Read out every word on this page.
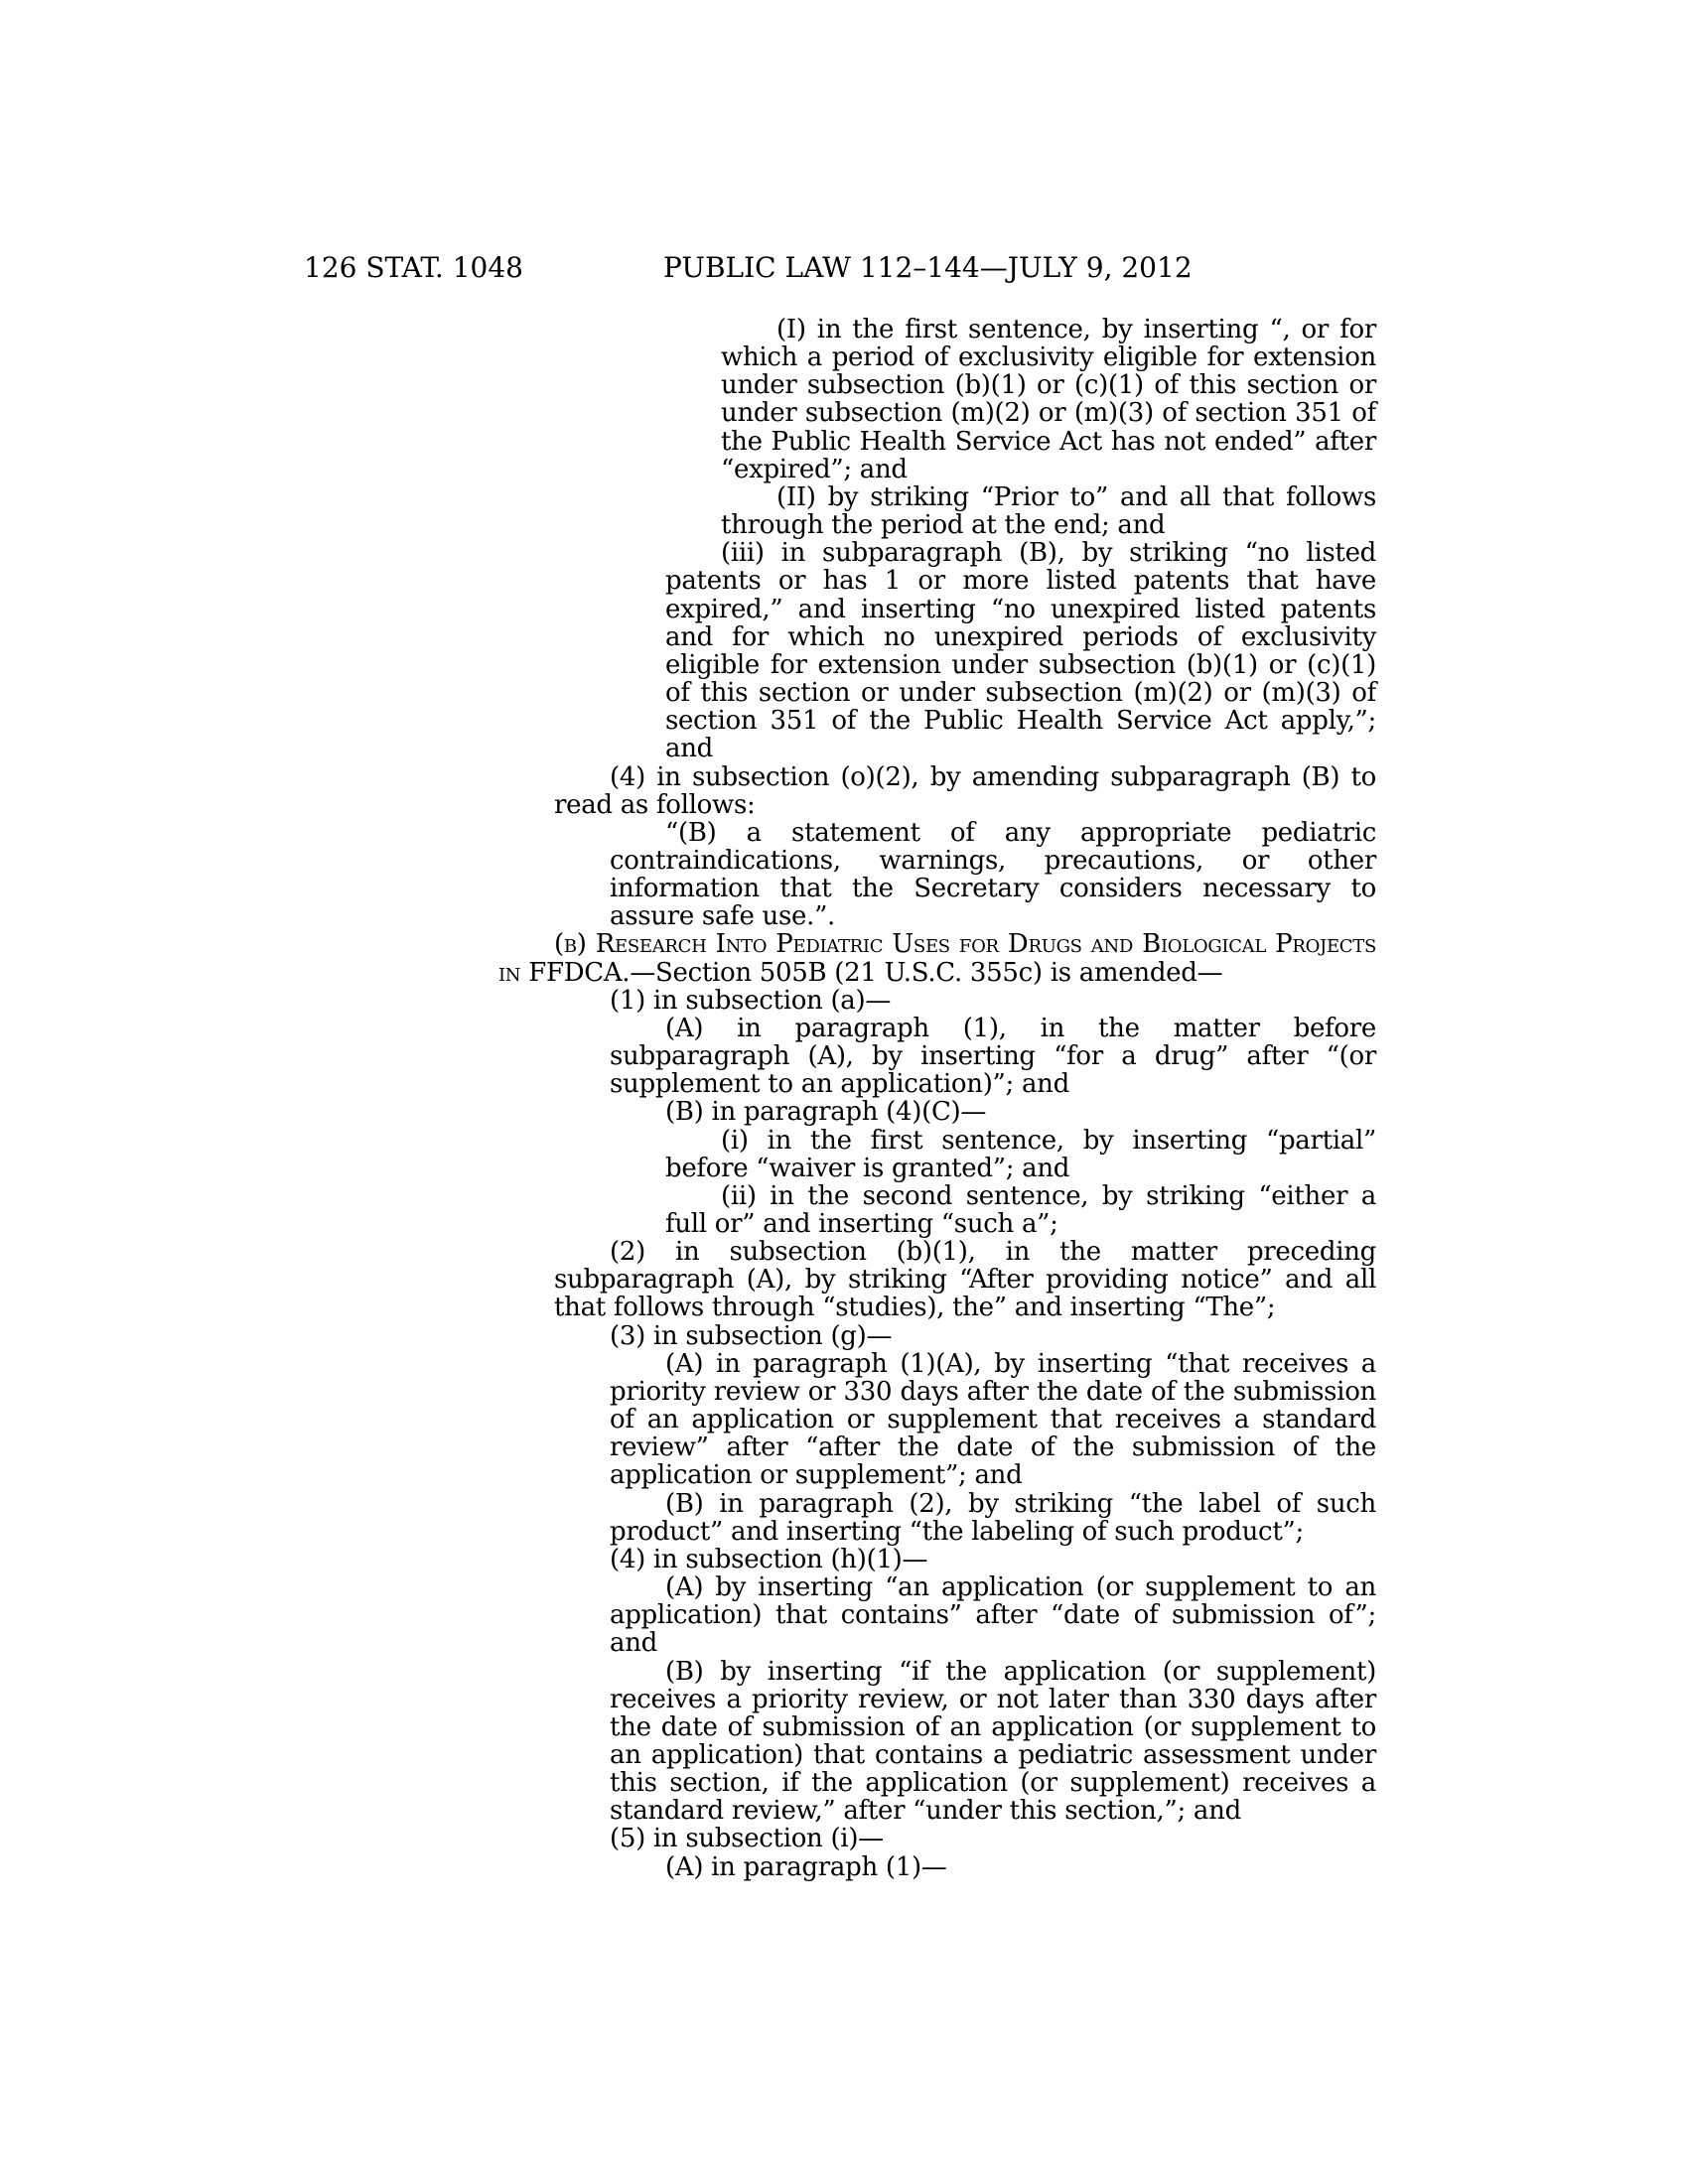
126 STAT. 1048	PUBLIC LAW 112–144—JULY 9, 2012

(I) in the first sentence, by inserting “, or for which a period of exclusivity eligible for extension under subsection (b)(1) or (c)(1) of this section or under subsection (m)(2) or (m)(3) of section 351 of the Public Health Service Act has not ended” after “expired”; and

(II) by striking “Prior to” and all that follows through the period at the end; and

(iii) in subparagraph (B), by striking “no listed patents or has 1 or more listed patents that have expired,” and inserting “no unexpired listed patents and for which no unexpired periods of exclusivity eligible for extension under subsection (b)(1) or (c)(1) of this section or under subsection (m)(2) or (m)(3) of section 351 of the Public Health Service Act apply,”; and

(4) in subsection (o)(2), by amending subparagraph (B) to read as follows:

“(B) a statement of any appropriate pediatric contraindications, warnings, precautions, or other information that the Secretary considers necessary to assure safe use.”.

(b) Research Into Pediatric Uses for Drugs and Biological Projects in FFDCA.—Section 505B (21 U.S.C. 355c) is amended—

(1) in subsection (a)—

(A) in paragraph (1), in the matter before subparagraph (A), by inserting “for a drug” after “(or supplement to an application)”; and

(B) in paragraph (4)(C)—

(i) in the first sentence, by inserting “partial” before “waiver is granted”; and

(ii) in the second sentence, by striking “either a full or” and inserting “such a”;

(2) in subsection (b)(1), in the matter preceding subparagraph (A), by striking “After providing notice” and all that follows through “studies), the” and inserting “The”;

(3) in subsection (g)—

(A) in paragraph (1)(A), by inserting “that receives a priority review or 330 days after the date of the submission of an application or supplement that receives a standard review” after “after the date of the submission of the application or supplement”; and

(B) in paragraph (2), by striking “the label of such product” and inserting “the labeling of such product”;

(4) in subsection (h)(1)—

(A) by inserting “an application (or supplement to an application) that contains” after “date of submission of”; and

(B) by inserting “if the application (or supplement) receives a priority review, or not later than 330 days after the date of submission of an application (or supplement to an application) that contains a pediatric assessment under this section, if the application (or supplement) receives a standard review,” after “under this section,”; and

(5) in subsection (i)—

(A) in paragraph (1)—
